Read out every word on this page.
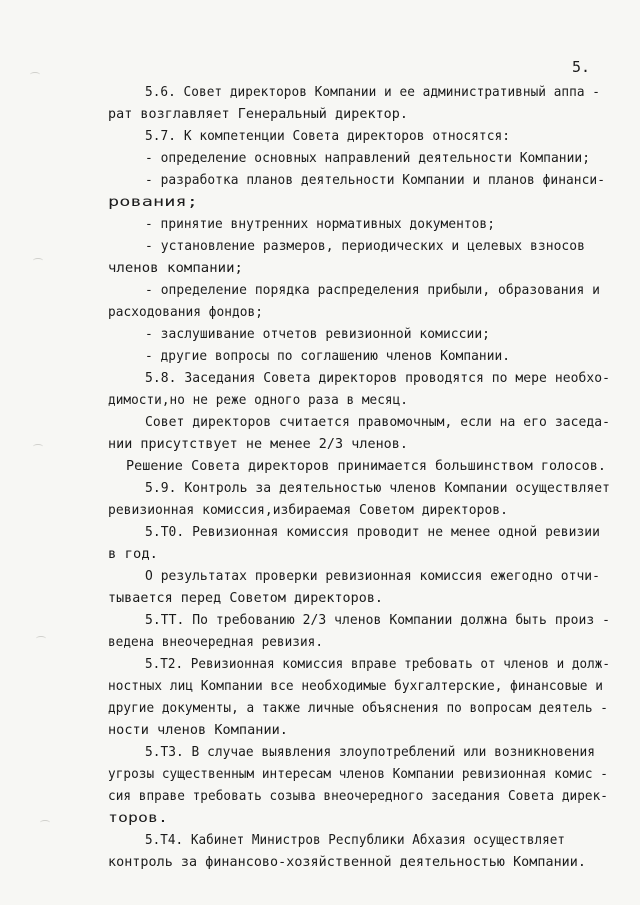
5.
5.6. Совет директоров Компании и ее административный аппа -
рат возглавляет Генеральный директор.
5.7. К компетенции Совета директоров относятся:
- определение основных направлений деятельности Компании;
- разработка планов деятельности Компании и планов финанси-
рования;
- принятие внутренних нормативных документов;
- установление размеров, периодических и целевых взносов
членов компании;
- определение порядка распределения прибыли, образования и
расходования фондов;
- заслушивание отчетов ревизионной комиссии;
- другие вопросы по соглашению членов Компании.
5.8. Заседания Совета директоров проводятся по мере необхо-
димости,но не реже одного раза в месяц.
Совет директоров считается правомочным, если на его заседа-
нии присутствует не менее 2/3 членов.
Решение Совета директоров принимается большинством голосов.
5.9. Контроль за деятельностью членов Компании осуществляет
ревизионная комиссия,избираемая Советом директоров.
5.Т0. Ревизионная комиссия проводит не менее одной ревизии
в год.
О результатах проверки ревизионная комиссия ежегодно отчи-
тывается перед Советом директоров.
5.ТТ. По требованию 2/3 членов Компании должна быть произ -
ведена внеочередная ревизия.
5.Т2. Ревизионная комиссия вправе требовать от членов и долж-
ностных лиц Компании все необходимые бухгалтерские, финансовые и
другие документы, а также личные объяснения по вопросам деятель -
ности членов Компании.
5.Т3. В случае выявления злоупотреблений или возникновения
угрозы существенным интересам членов Компании ревизионная комис -
сия вправе требовать созыва внеочередного заседания Совета дирек-
торов.
5.Т4. Кабинет Министров Республики Абхазия осуществляет
контроль за финансово-хозяйственной деятельностью Компании.
